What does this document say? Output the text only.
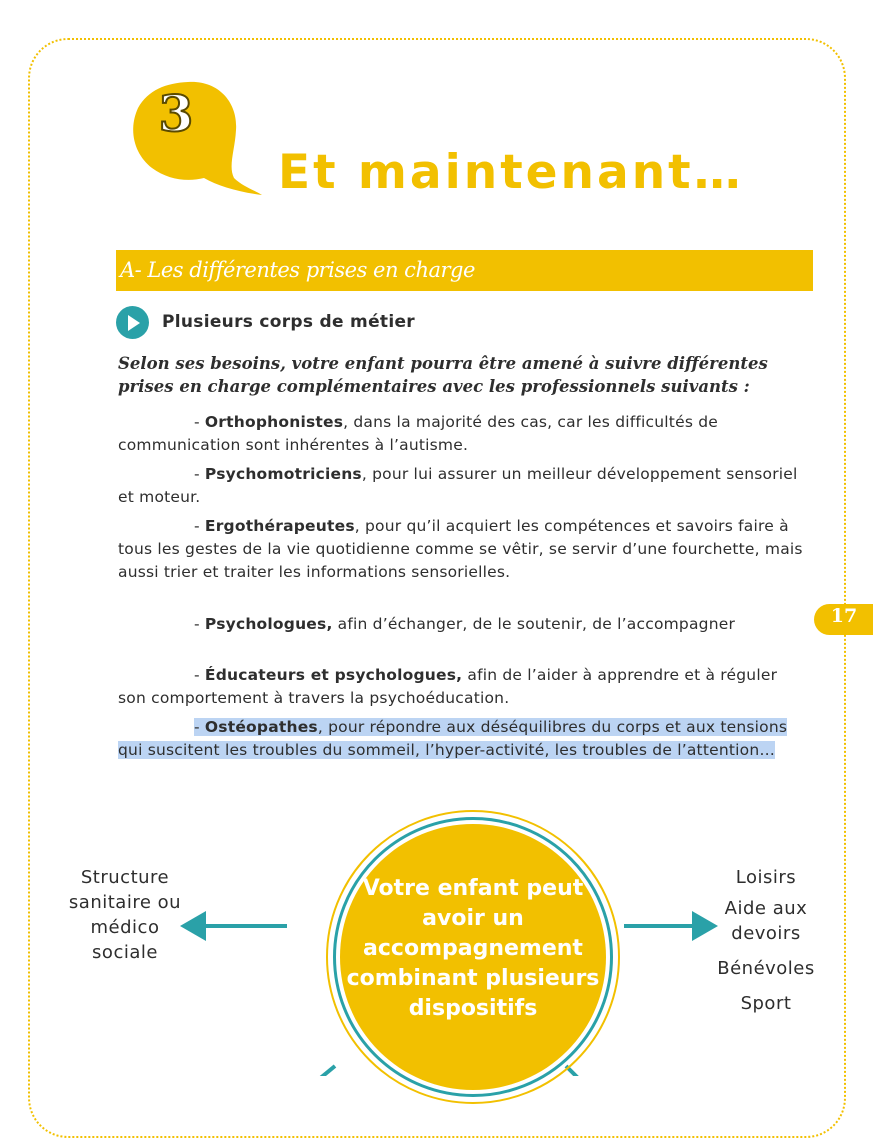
3
Et maintenant…
A- Les différentes prises en charge
Plusieurs corps de métier
Selon ses besoins, votre enfant pourra être amené à suivre différentes prises en charge complémentaires avec les professionnels suivants :
- Orthophonistes, dans la majorité des cas, car les difficultés de communication sont inhérentes à l’autisme.
- Psychomotriciens, pour lui assurer un meilleur développement sensoriel et moteur.
- Ergothérapeutes, pour qu’il acquiert les compétences et savoirs faire à tous les gestes de la vie quotidienne comme se vêtir, se servir d’une fourchette, mais aussi trier et traiter les informations sensorielles.
- Psychologues, afin d’échanger, de le soutenir, de l’accompagner
- Éducateurs et psychologues, afin de l’aider à apprendre et à réguler son comportement à travers la psychoéducation.
- Ostéopathes, pour répondre aux déséquilibres du corps et aux tensions qui suscitent les troubles du sommeil, l’hyper-activité, les troubles de l’attention…
17
Votre enfant peut avoir un accompagnement combinant plusieurs dispositifs
Structure sanitaire ou médico sociale
Loisirs
Aide aux devoirs
Bénévoles
Sport
